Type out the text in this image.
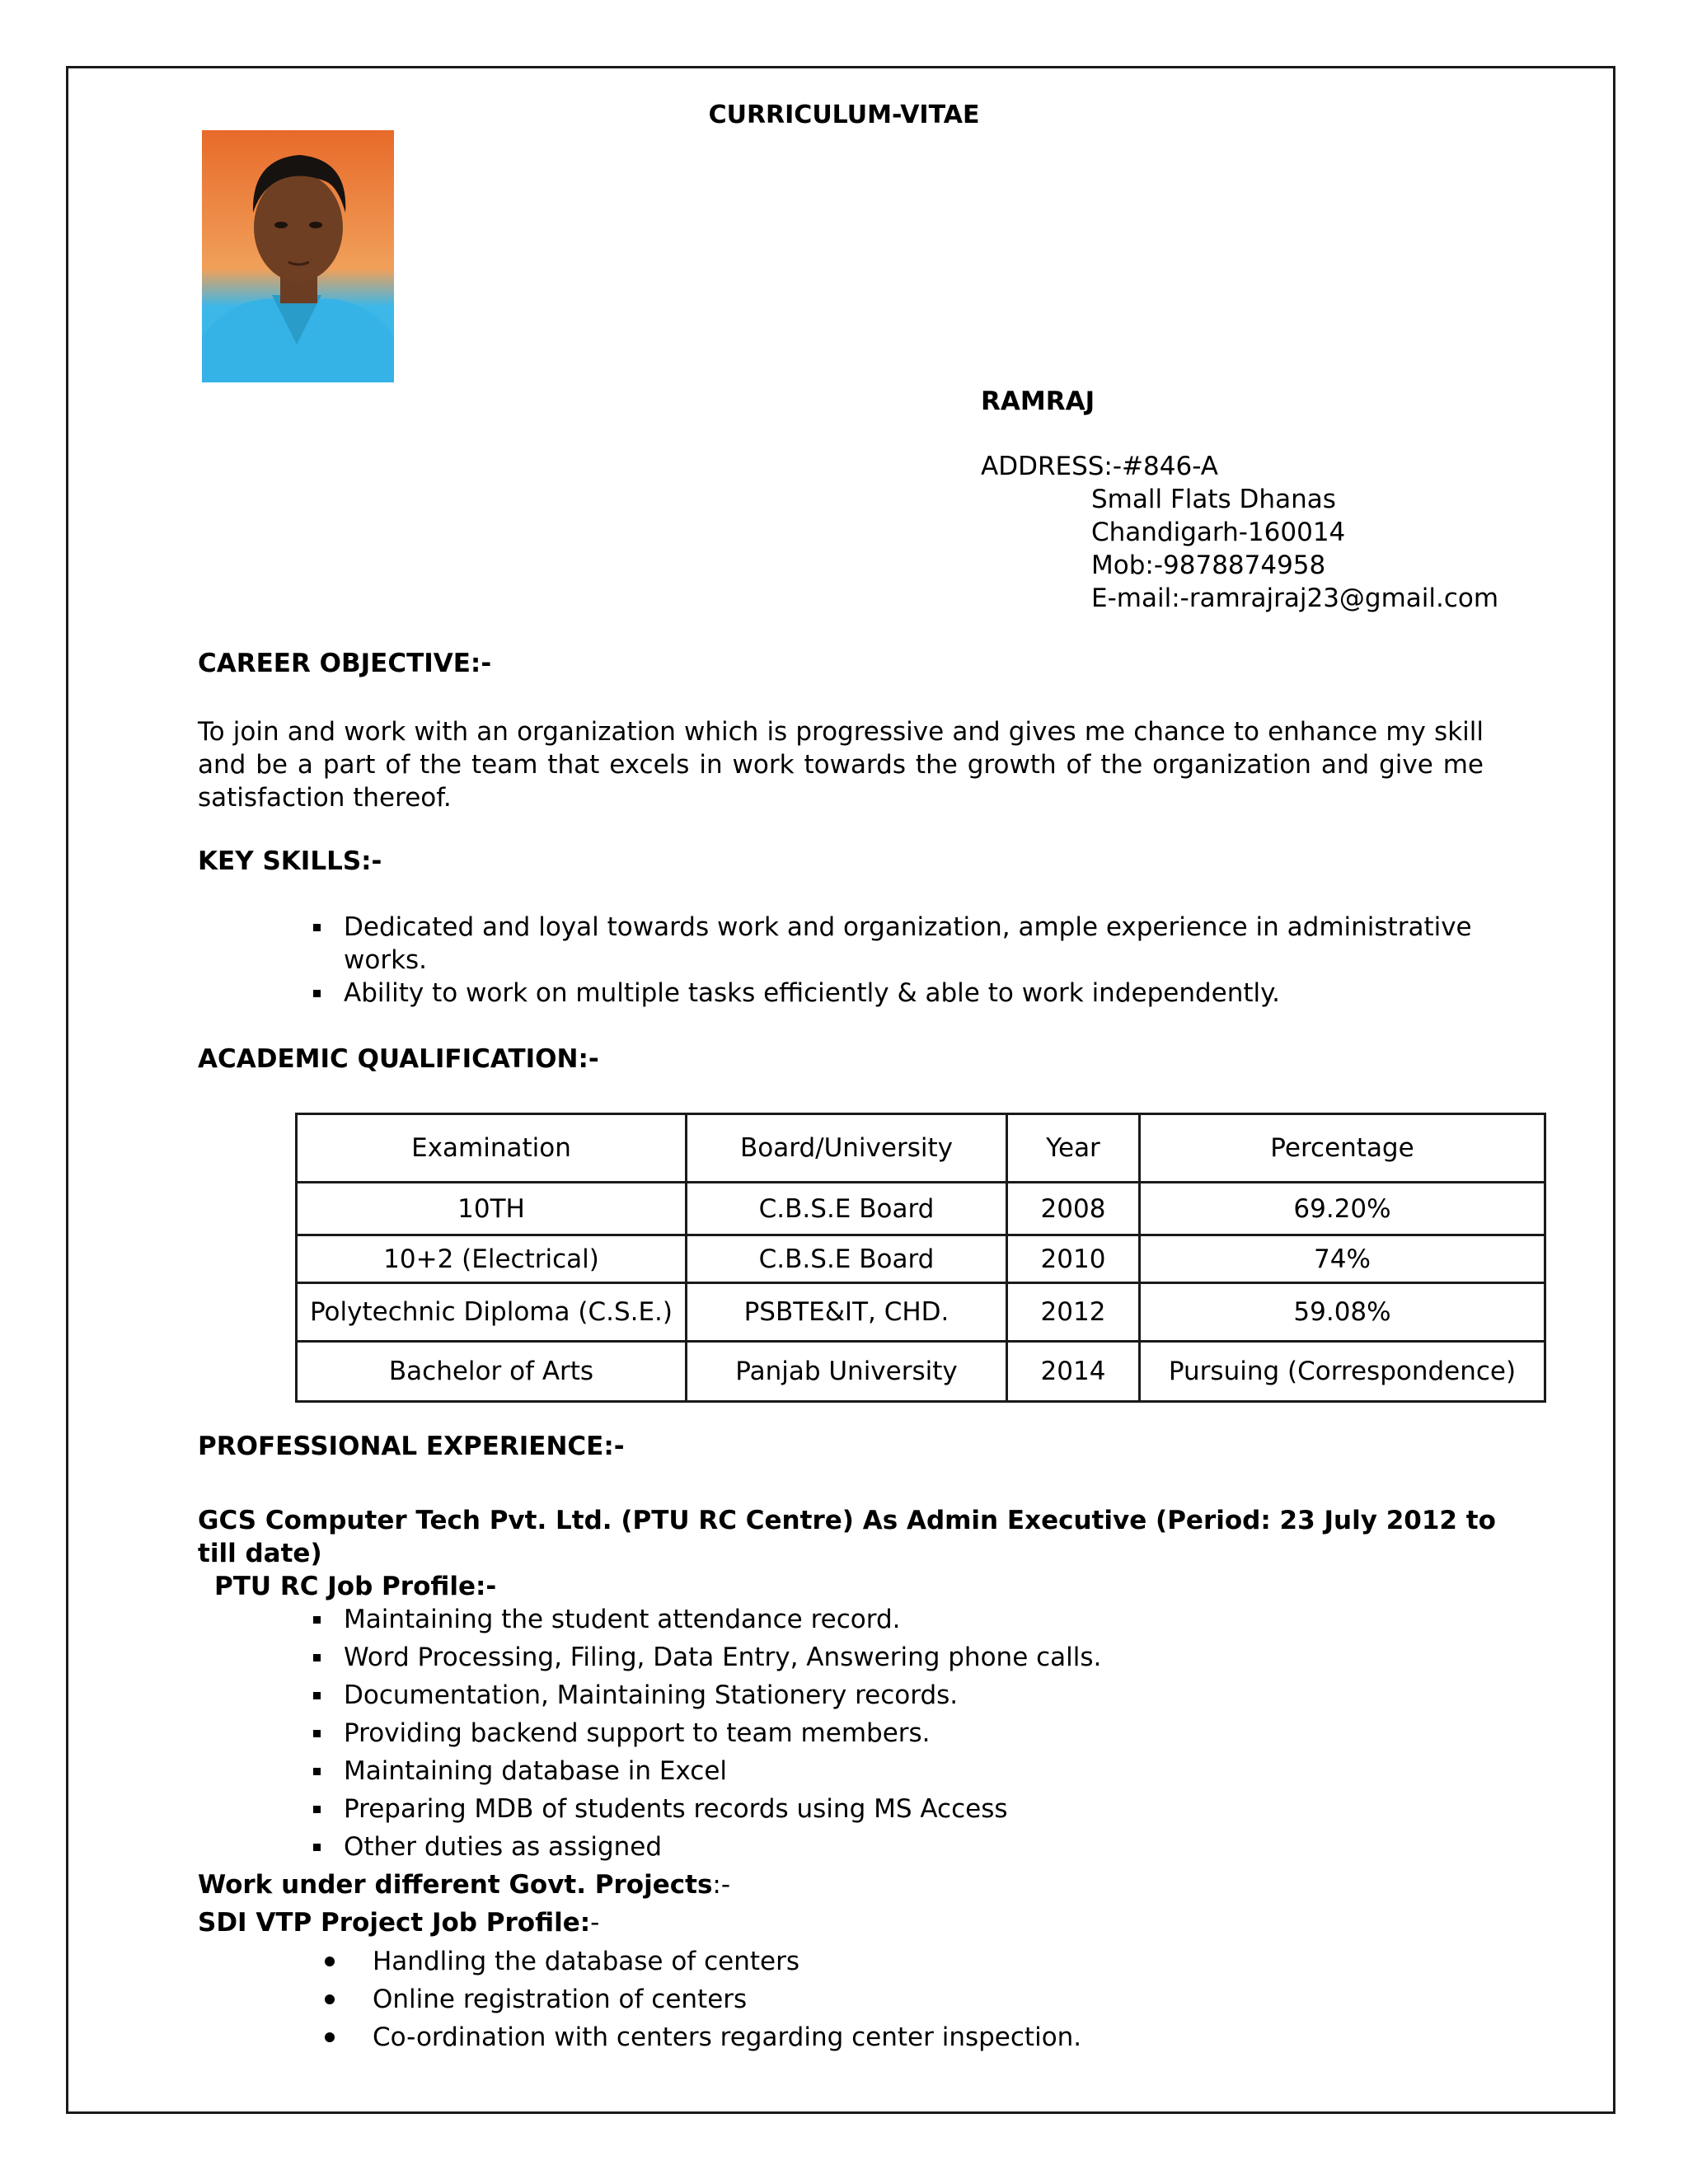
CURRICULUM-VITAE
RAMRAJ
ADDRESS:-#846-A
Small Flats Dhanas
Chandigarh-160014
Mob:-9878874958
E-mail:-ramrajraj23@gmail.com
CAREER OBJECTIVE:-
To join and work with an organization which is progressive and gives me chance to enhance my skill and be a part of the team that excels in work towards the growth of the organization and give me satisfaction thereof.
KEY SKILLS:-
Dedicated and loyal towards work and organization, ample experience in administrative
works.
Ability to work on multiple tasks efficiently & able to work independently.
ACADEMIC QUALIFICATION:-
Examination	Board/University	Year	Percentage
10TH	C.B.S.E Board	2008	69.20%
10+2 (Electrical)	C.B.S.E Board	2010	74%
Polytechnic Diploma (C.S.E.)	PSBTE&IT, CHD.	2012	59.08%
Bachelor of Arts	Panjab University	2014	Pursuing (Correspondence)
PROFESSIONAL EXPERIENCE:-
GCS Computer Tech Pvt. Ltd. (PTU RC Centre) As Admin Executive (Period: 23 July 2012 to
till date)
PTU RC Job Profile:-
Maintaining the student attendance record.
Word Processing, Filing, Data Entry, Answering phone calls.
Documentation, Maintaining Stationery records.
Providing backend support to team members.
Maintaining database in Excel
Preparing MDB of students records using MS Access
Other duties as assigned
Work under different Govt. Projects:-
SDI VTP Project Job Profile:-
Handling the database of centers
Online registration of centers
Co-ordination with centers regarding center inspection.
